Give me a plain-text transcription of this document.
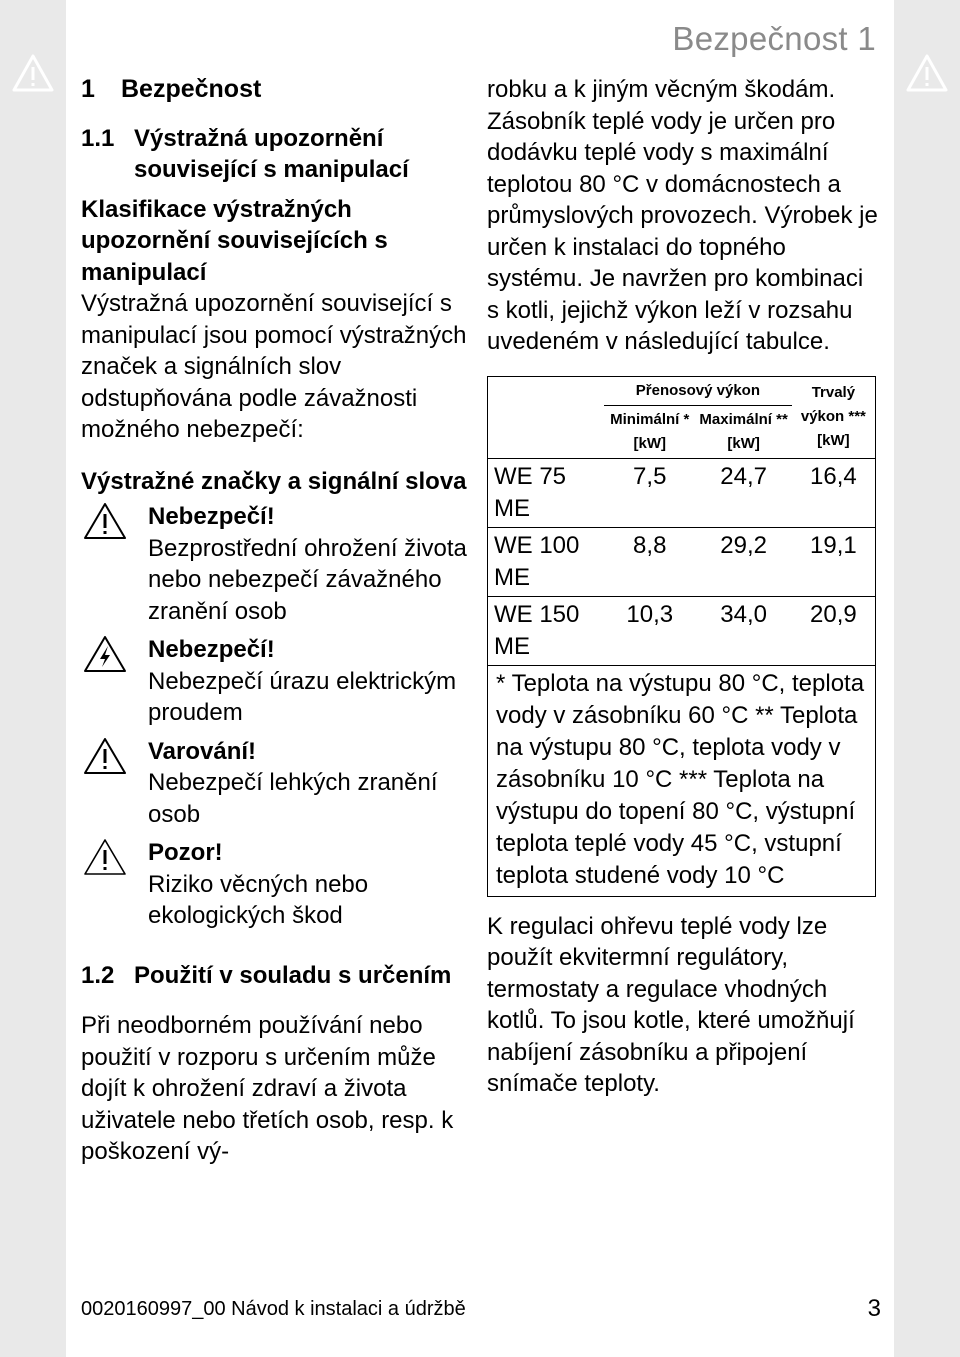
Bezpečnost 1
1 Bezpečnost
1.1 Výstražná upozornění související s manipulací
Klasifikace výstražných upozornění souvisejících s manipulací
Výstražná upozornění související s manipulací jsou pomocí výstražných značek a signálních slov odstupňována podle závažnosti možného nebezpečí:
Výstražné značky a signální slova
Nebezpečí!
Bezprostřední ohrožení života nebo nebezpečí závažného zranění osob
Nebezpečí!
Nebezpečí úrazu elektrickým proudem
Varování!
Nebezpečí lehkých zranění osob
Pozor!
Riziko věcných nebo ekologických škod
1.2 Použití v souladu s určením
Při neodborném používání nebo použití v rozporu s určením může dojít k ohrožení zdraví a života uživatele nebo třetích osob, resp. k poškození vý-
robku a k jiným věcným škodám.
Zásobník teplé vody je určen pro dodávku teplé vody s maximální teplotou 80 °C v domácnostech a průmyslových provozech. Výrobek je určen k instalaci do topného systému. Je navržen pro kombinaci s kotli, jejichž výkon leží v rozsahu uvedeném v následující tabulce.
	Přenosový výkon		Trvalý výkon *** [kW]
	Minimální * [kW]	Maximální ** [kW]	
WE 75 ME	7,5	24,7	16,4
WE 100 ME	8,8	29,2	19,1
WE 150 ME	10,3	34,0	20,9
* Teplota na výstupu 80 °C, teplota vody v zásobníku 60 °C ** Teplota na výstupu 80 °C, teplota vody v zásobníku 10 °C *** Teplota na výstupu do topení 80 °C, výstupní teplota teplé vody 45 °C, vstupní teplota studené vody 10 °C			
K regulaci ohřevu teplé vody lze použít ekvitermní regulátory, termostaty a regulace vhodných kotlů. To jsou kotle, které umožňují nabíjení zásobníku a připojení snímače teploty.
0020160997_00 Návod k instalaci a údržbě	3
